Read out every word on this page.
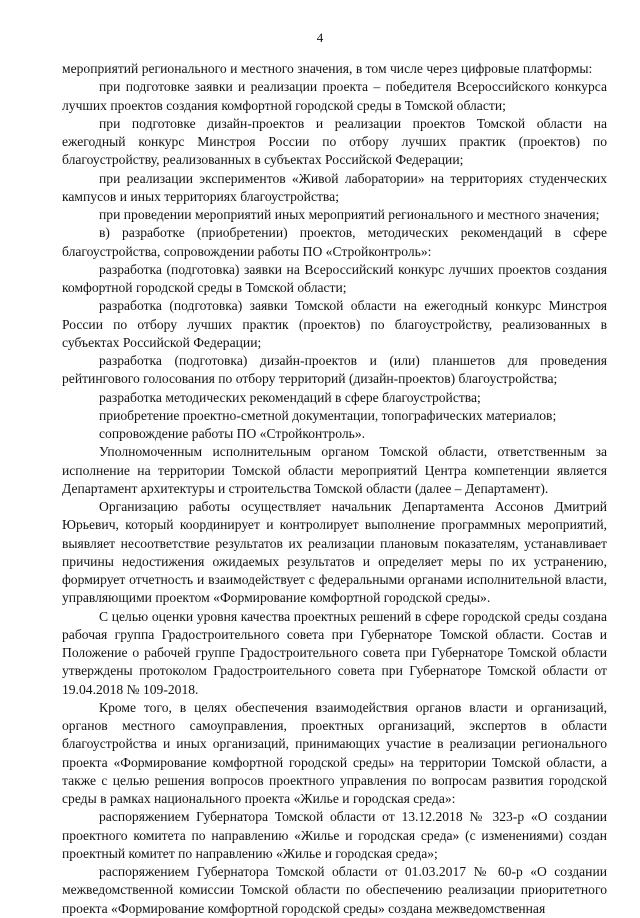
4

мероприятий регионального и местного значения, в том числе через цифровые платформы:

при подготовке заявки и реализации проекта – победителя Всероссийского конкурса лучших проектов создания комфортной городской среды в Томской области;

при подготовке дизайн-проектов и реализации проектов Томской области на ежегодный конкурс Минстроя России по отбору лучших практик (проектов) по благоустройству, реализованных в субъектах Российской Федерации;

при реализации экспериментов «Живой лаборатории» на территориях студенческих кампусов и иных территориях благоустройства;

при проведении мероприятий иных мероприятий регионального и местного значения;

в) разработке (приобретении) проектов, методических рекомендаций в сфере благоустройства, сопровождении работы ПО «Стройконтроль»:

разработка (подготовка) заявки на Всероссийский конкурс лучших проектов создания комфортной городской среды в Томской области;

разработка (подготовка) заявки Томской области на ежегодный конкурс Минстроя России по отбору лучших практик (проектов) по благоустройству, реализованных в субъектах Российской Федерации;

разработка (подготовка) дизайн-проектов и (или) планшетов для проведения рейтингового голосования по отбору территорий (дизайн-проектов) благоустройства;

разработка методических рекомендаций в сфере благоустройства;

приобретение проектно-сметной документации, топографических материалов;

сопровождение работы ПО «Стройконтроль».

Уполномоченным исполнительным органом Томской области, ответственным за исполнение на территории Томской области мероприятий Центра компетенции является Департамент архитектуры и строительства Томской области (далее – Департамент).

Организацию работы осуществляет начальник Департамента Ассонов Дмитрий Юрьевич, который координирует и контролирует выполнение программных мероприятий, выявляет несоответствие результатов их реализации плановым показателям, устанавливает причины недостижения ожидаемых результатов и определяет меры по их устранению, формирует отчетность и взаимодействует с федеральными органами исполнительной власти, управляющими проектом «Формирование комфортной городской среды».

С целью оценки уровня качества проектных решений в сфере городской среды создана рабочая группа Градостроительного совета при Губернаторе Томской области. Состав и Положение о рабочей группе Градостроительного совета при Губернаторе Томской области утверждены протоколом Градостроительного совета при Губернаторе Томской области от 19.04.2018 № 109-2018.

Кроме того, в целях обеспечения взаимодействия органов власти и организаций, органов местного самоуправления, проектных организаций, экспертов в области благоустройства и иных организаций, принимающих участие в реализации регионального проекта «Формирование комфортной городской среды» на территории Томской области, а также с целью решения вопросов проектного управления по вопросам развития городской среды в рамках национального проекта «Жилье и городская среда»:

распоряжением Губернатора Томской области от 13.12.2018 № 323-р «О создании проектного комитета по направлению «Жилье и городская среда» (с изменениями) создан проектный комитет по направлению «Жилье и городская среда»;

распоряжением Губернатора Томской области от 01.03.2017 № 60-р «О создании межведомственной комиссии Томской области по обеспечению реализации приоритетного проекта «Формирование комфортной городской среды» создана межведомственная
